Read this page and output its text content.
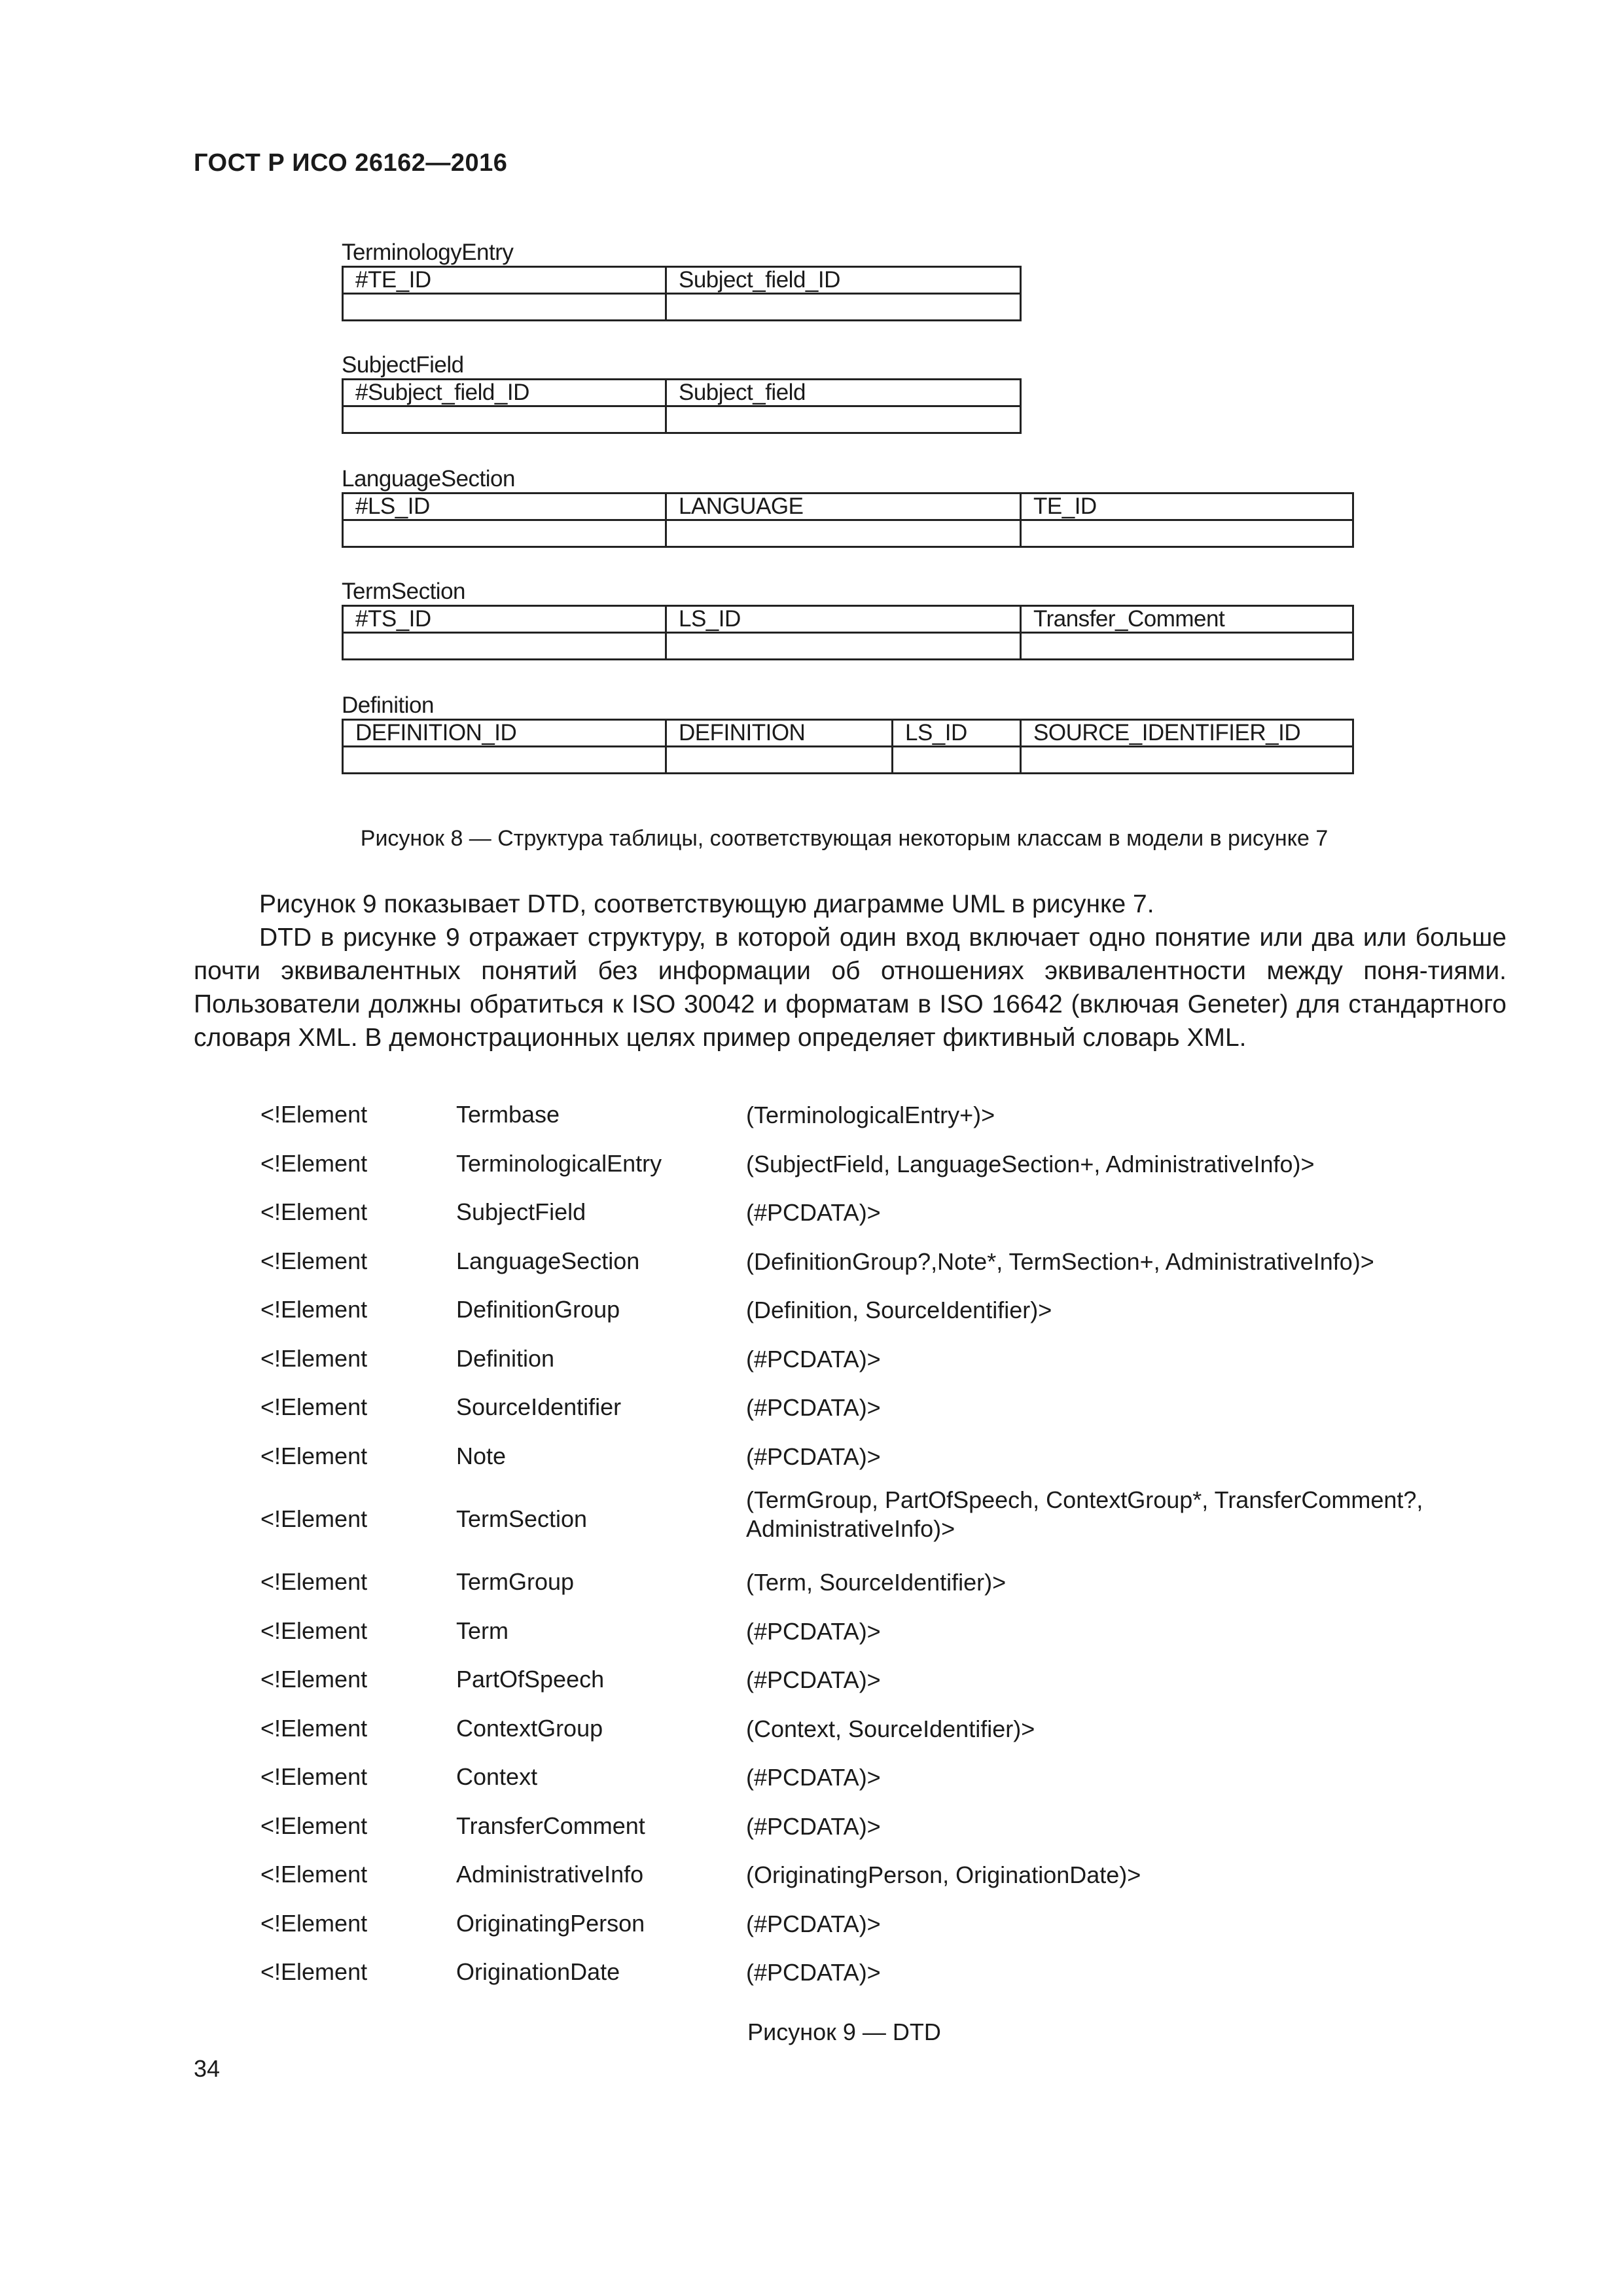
ГОСТ Р ИСО 26162—2016
TerminologyEntry
#TE_ID	Subject_field_ID

SubjectField
#Subject_field_ID	Subject_field

LanguageSection
#LS_ID	LANGUAGE	TE_ID

TermSection
#TS_ID	LS_ID	Transfer_Comment

Definition
DEFINITION_ID	DEFINITION	LS_ID	SOURCE_IDENTIFIER_ID

Рисунок 8 — Структура таблицы, соответствующая некоторым классам в модели в рисунке 7

Рисунок 9 показывает DTD, соответствующую диаграмме UML в рисунке 7.

DTD в рисунке 9 отражает структуру, в которой один вход включает одно понятие или два или больше почти эквивалентных понятий без информации об отношениях эквивалентности между поня-тиями. Пользователи должны обратиться к ISO 30042 и форматам в ISO 16642 (включая Geneter) для стандартного словаря XML. В демонстрационных целях пример определяет фиктивный словарь XML.

<!Element	Termbase	(TerminologicalEntry+)>
<!Element	TerminologicalEntry	(SubjectField, LanguageSection+, AdministrativeInfo)>
<!Element	SubjectField	(#PCDATA)>
<!Element	LanguageSection	(DefinitionGroup?,Note*, TermSection+, AdministrativeInfo)>
<!Element	DefinitionGroup	(Definition, SourceIdentifier)>
<!Element	Definition	(#PCDATA)>
<!Element	SourceIdentifier	(#PCDATA)>
<!Element	Note	(#PCDATA)>
<!Element	TermSection
(TermGroup, PartOfSpeech, ContextGroup*, TransferComment?, AdministrativeInfo)>
<!Element	TermGroup	(Term, SourceIdentifier)>
<!Element	Term	(#PCDATA)>
<!Element	PartOfSpeech	(#PCDATA)>
<!Element	ContextGroup	(Context, SourceIdentifier)>
<!Element	Context	(#PCDATA)>
<!Element	TransferComment	(#PCDATA)>
<!Element	AdministrativeInfo	(OriginatingPerson, OriginationDate)>
<!Element	OriginatingPerson	(#PCDATA)>
<!Element	OriginationDate	(#PCDATA)>
Рисунок 9 — DTD
34
